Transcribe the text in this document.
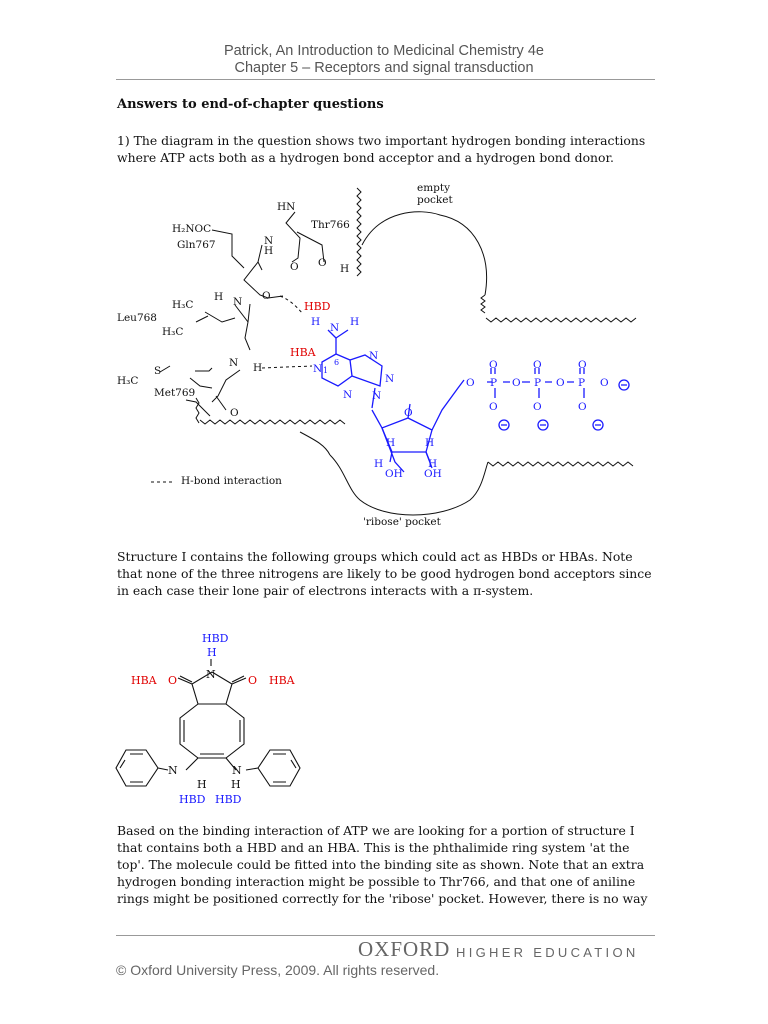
Patrick, An Introduction to Medicinal Chemistry 4e
Chapter 5 – Receptors and signal transduction
Answers to end-of-chapter questions

1) The diagram in the question shows two important hydrogen bonding interactions where ATP acts both as a hydrogen bond acceptor and a hydrogen bond donor.

empty
pocket
Thr766
HN
H₂NOC
Gln767	N
H
O O H
H N O
H₃C
H₃C
Leu768
N H
S
H₃C
Met769
O
H-bond interaction
'ribose' pocket
HBD
HBA
H N H
N
N
N
N N
1
6
O
H	H
H	H
OH OH
O P	P	P
O	O	O
O	O	O
O	O	O

Structure I contains the following groups which could act as HBDs or HBAs. Note that none of the three nitrogens are likely to be good hydrogen bond acceptors since in each case their lone pair of electrons interacts with a π-system.

HBD
H
HBD HBD
N
N	N
H H
HBA O	O HBA

Based on the binding interaction of ATP we are looking for a portion of structure I that contains both a HBD and an HBA. This is the phthalimide ring system 'at the top'. The molecule could be fitted into the binding site as shown. Note that an extra hydrogen bonding interaction might be possible to Thr766, and that one of aniline rings might be positioned correctly for the 'ribose' pocket. However, there is no way

OXFORD HIGHER EDUCATION
© Oxford University Press, 2009. All rights reserved.
